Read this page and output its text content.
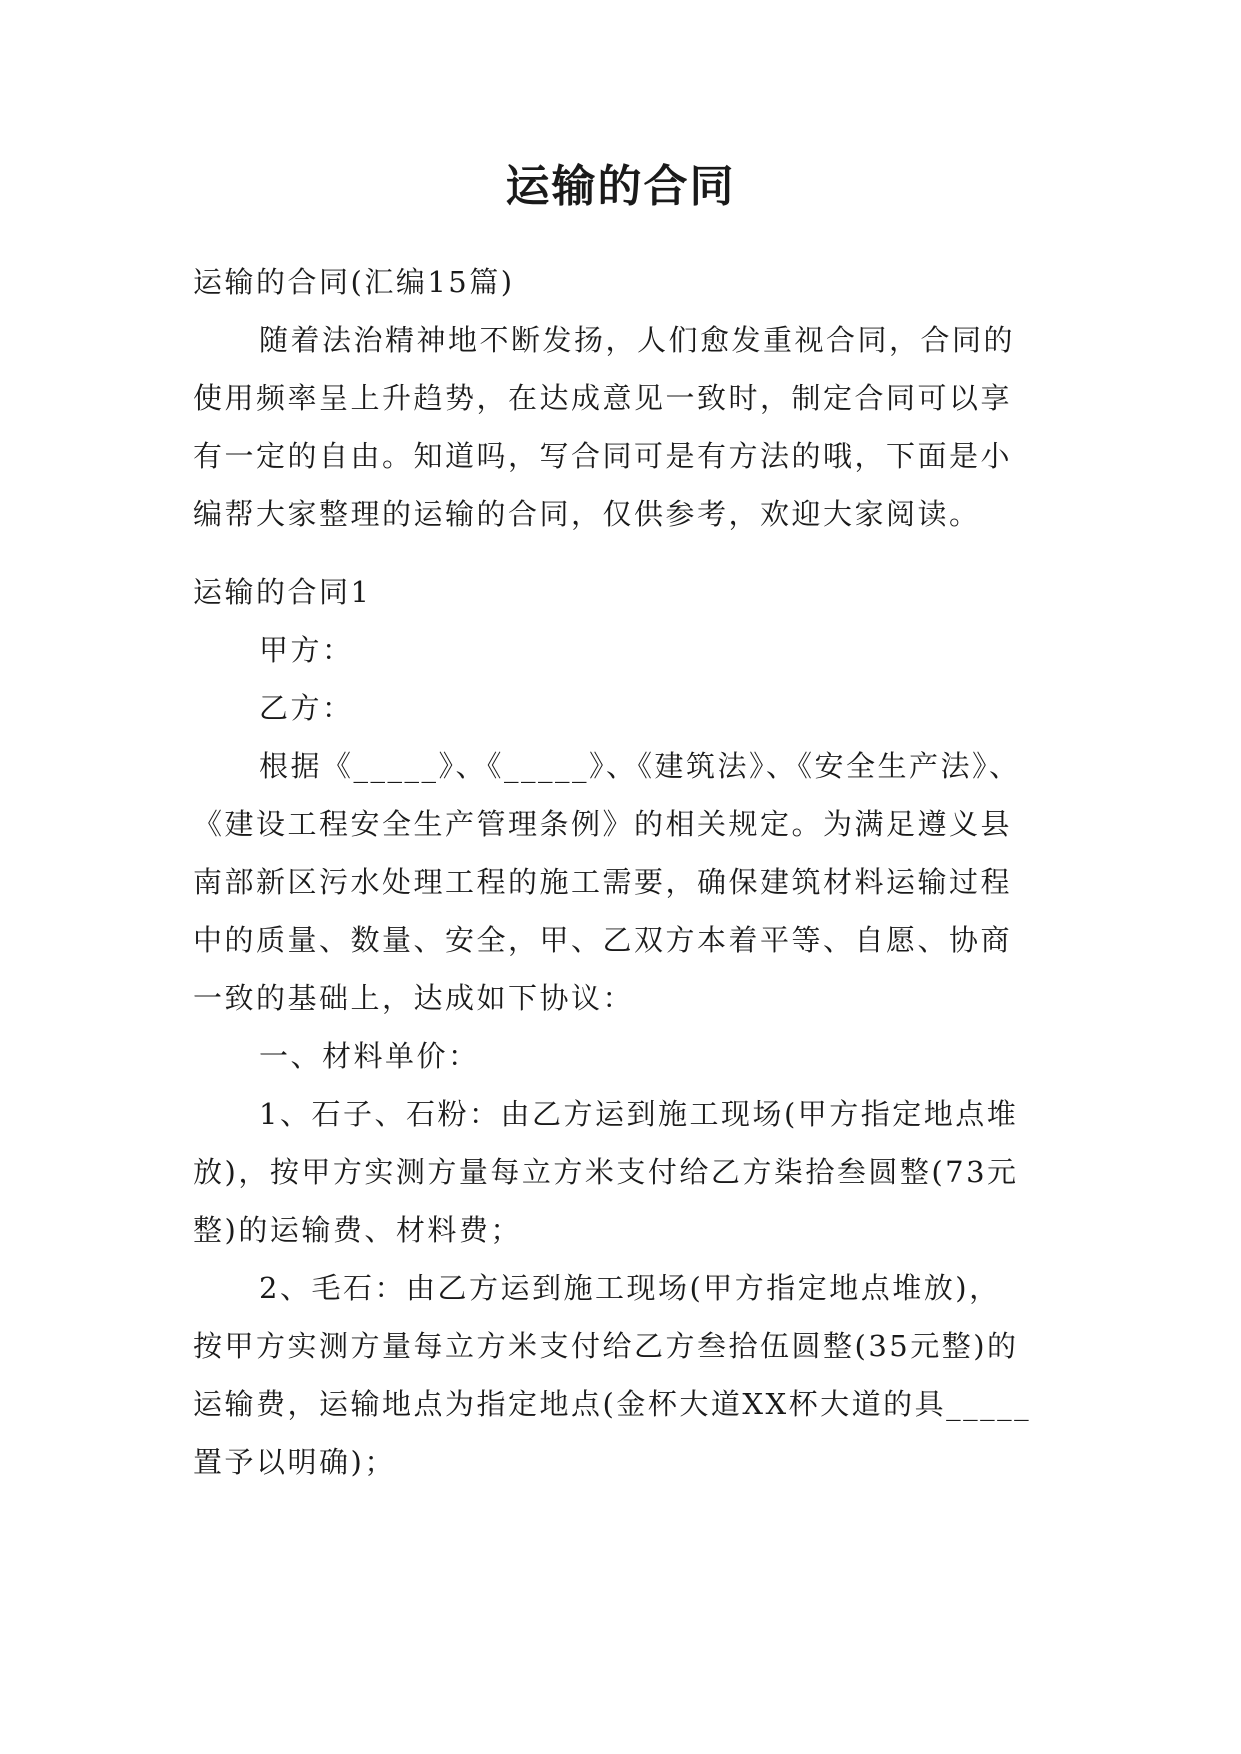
运输的合同
运输的合同(汇编15篇)
随着法治精神地不断发扬，人们愈发重视合同，合同的
使用频率呈上升趋势，在达成意见一致时，制定合同可以享
有一定的自由。知道吗，写合同可是有方法的哦，下面是小
编帮大家整理的运输的合同，仅供参考，欢迎大家阅读。
运输的合同1
甲方：
乙方：
根据《_____》、《_____》、《建筑法》、《安全生产法》、
《建设工程安全生产管理条例》的相关规定。为满足遵义县
南部新区污水处理工程的施工需要，确保建筑材料运输过程
中的质量、数量、安全，甲、乙双方本着平等、自愿、协商
一致的基础上，达成如下协议：
一、材料单价：
1、石子、石粉：由乙方运到施工现场(甲方指定地点堆
放)，按甲方实测方量每立方米支付给乙方柒拾叁圆整(73元
整)的运输费、材料费；
2、毛石：由乙方运到施工现场(甲方指定地点堆放)，
按甲方实测方量每立方米支付给乙方叁拾伍圆整(35元整)的
运输费，运输地点为指定地点(金杯大道XX杯大道的具_____
置予以明确)；
